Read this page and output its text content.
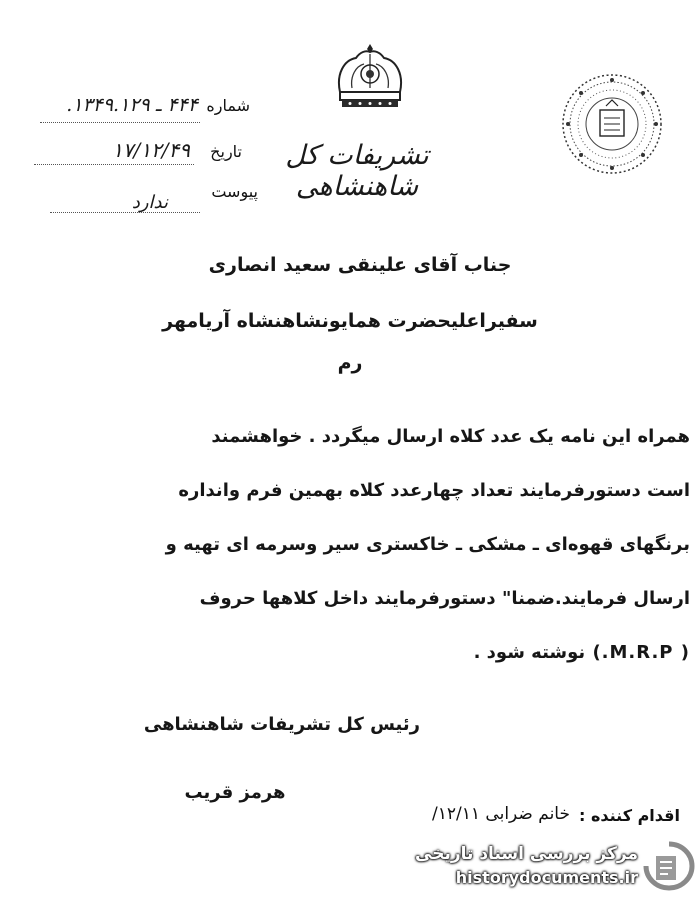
تشریفات کل شاهنشاهی
شماره
۴۴۴ ـ ۱۳۴۹.۱۲۹.
تاریخ
۱۷/۱۲/۴۹
پیوست
ندارد
جناب آقای علینقی سعید انصاری
سفیراعلیحضرت همایونشاهنشاه آریامهر
رم
همراه این نامه یک عدد کلاه ارسال میگردد . خواهشمند
است دستورفرمایند تعداد چهارعدد کلاه بهمین فرم وانداره
برنگهای قهوه‌ای ـ مشکی ـ خاکستری سیر وسرمه ای تهیه و
ارسال فرمایند.ضمنا" دستورفرمایند داخل کلاهها حروف
( M.R.P.) نوشته شود .
رئیس کل تشریفات شاهنشاهی
هرمز قریب
اقدام کننده :
خانم ضرابی ۱۲/۱۱/
مرکز بررسی اسناد تاریخی
historydocuments.ir
